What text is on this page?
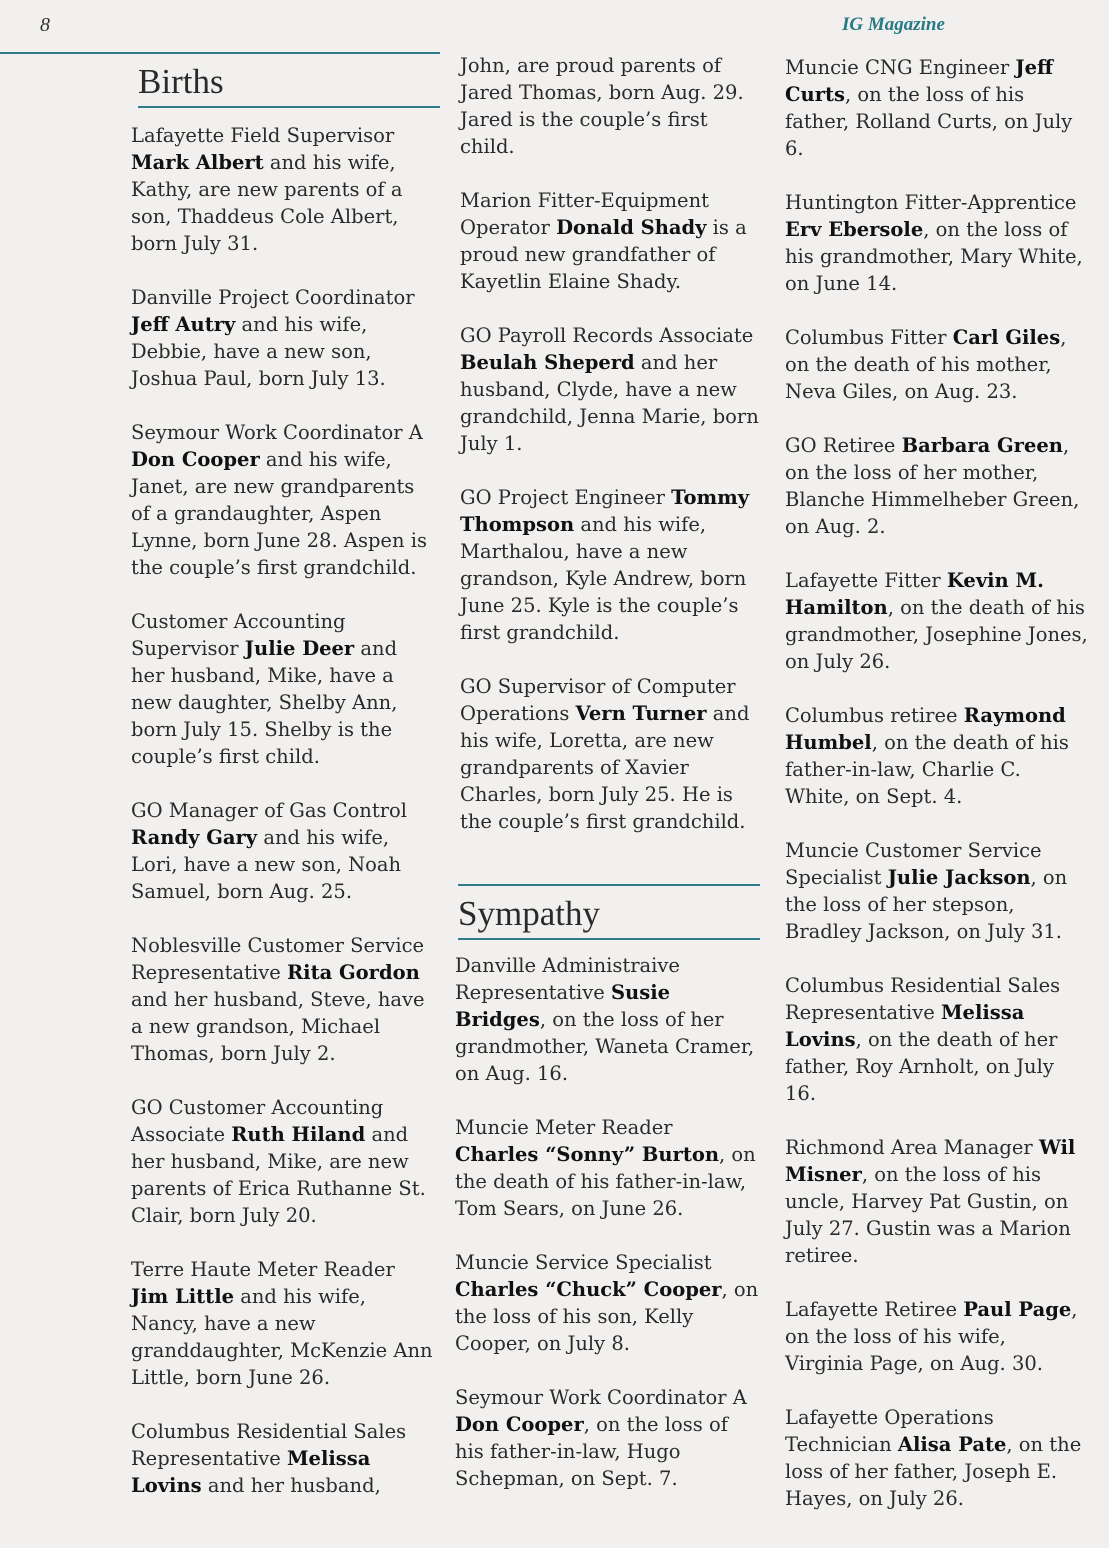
8	IG Magazine
Births

Lafayette Field Supervisor Mark Albert and his wife, Kathy, are new parents of a son, Thaddeus Cole Albert, born July 31.

Danville Project Coordinator Jeff Autry and his wife, Debbie, have a new son, Joshua Paul, born July 13.

Seymour Work Coordinator A Don Cooper and his wife, Janet, are new grandparents of a grandaughter, Aspen Lynne, born June 28. Aspen is the couple’s first grandchild.

Customer Accounting Supervisor Julie Deer and her husband, Mike, have a new daughter, Shelby Ann, born July 15. Shelby is the couple’s first child.

GO Manager of Gas Control Randy Gary and his wife, Lori, have a new son, Noah Samuel, born Aug. 25.

Noblesville Customer Service Representative Rita Gordon and her husband, Steve, have a new grandson, Michael Thomas, born July 2.

GO Customer Accounting Associate Ruth Hiland and her husband, Mike, are new parents of Erica Ruthanne St. Clair, born July 20.

Terre Haute Meter Reader Jim Little and his wife, Nancy, have a new granddaughter, McKenzie Ann Little, born June 26.

Columbus Residential Sales Representative Melissa Lovins and her husband,

John, are proud parents of Jared Thomas, born Aug. 29. Jared is the couple’s first child.

Marion Fitter-Equipment Operator Donald Shady is a proud new grandfather of Kayetlin Elaine Shady.

GO Payroll Records Associate Beulah Sheperd and her husband, Clyde, have a new grandchild, Jenna Marie, born July 1.

GO Project Engineer Tommy Thompson and his wife, Marthalou, have a new grandson, Kyle Andrew, born June 25. Kyle is the couple’s first grandchild.

GO Supervisor of Computer Operations Vern Turner and his wife, Loretta, are new grandparents of Xavier Charles, born July 25. He is the couple’s first grandchild.

Sympathy

Danville Administraive Representative Susie Bridges, on the loss of her grandmother, Waneta Cramer, on Aug. 16.

Muncie Meter Reader Charles “Sonny” Burton, on the death of his father-in-law, Tom Sears, on June 26.

Muncie Service Specialist Charles “Chuck” Cooper, on the loss of his son, Kelly Cooper, on July 8.

Seymour Work Coordinator A Don Cooper, on the loss of his father-in-law, Hugo Schepman, on Sept. 7.

Muncie CNG Engineer Jeff Curts, on the loss of his father, Rolland Curts, on July 6.

Huntington Fitter-Apprentice Erv Ebersole, on the loss of his grandmother, Mary White, on June 14.

Columbus Fitter Carl Giles, on the death of his mother, Neva Giles, on Aug. 23.

GO Retiree Barbara Green, on the loss of her mother, Blanche Himmelheber Green, on Aug. 2.

Lafayette Fitter Kevin M. Hamilton, on the death of his grandmother, Josephine Jones, on July 26.

Columbus retiree Raymond Humbel, on the death of his father-in-law, Charlie C. White, on Sept. 4.

Muncie Customer Service Specialist Julie Jackson, on the loss of her stepson, Bradley Jackson, on July 31.

Columbus Residential Sales Representative Melissa Lovins, on the death of her father, Roy Arnholt, on July 16.

Richmond Area Manager Wil Misner, on the loss of his uncle, Harvey Pat Gustin, on July 27. Gustin was a Marion retiree.

Lafayette Retiree Paul Page, on the loss of his wife, Virginia Page, on Aug. 30.

Lafayette Operations Technician Alisa Pate, on the loss of her father, Joseph E. Hayes, on July 26.
